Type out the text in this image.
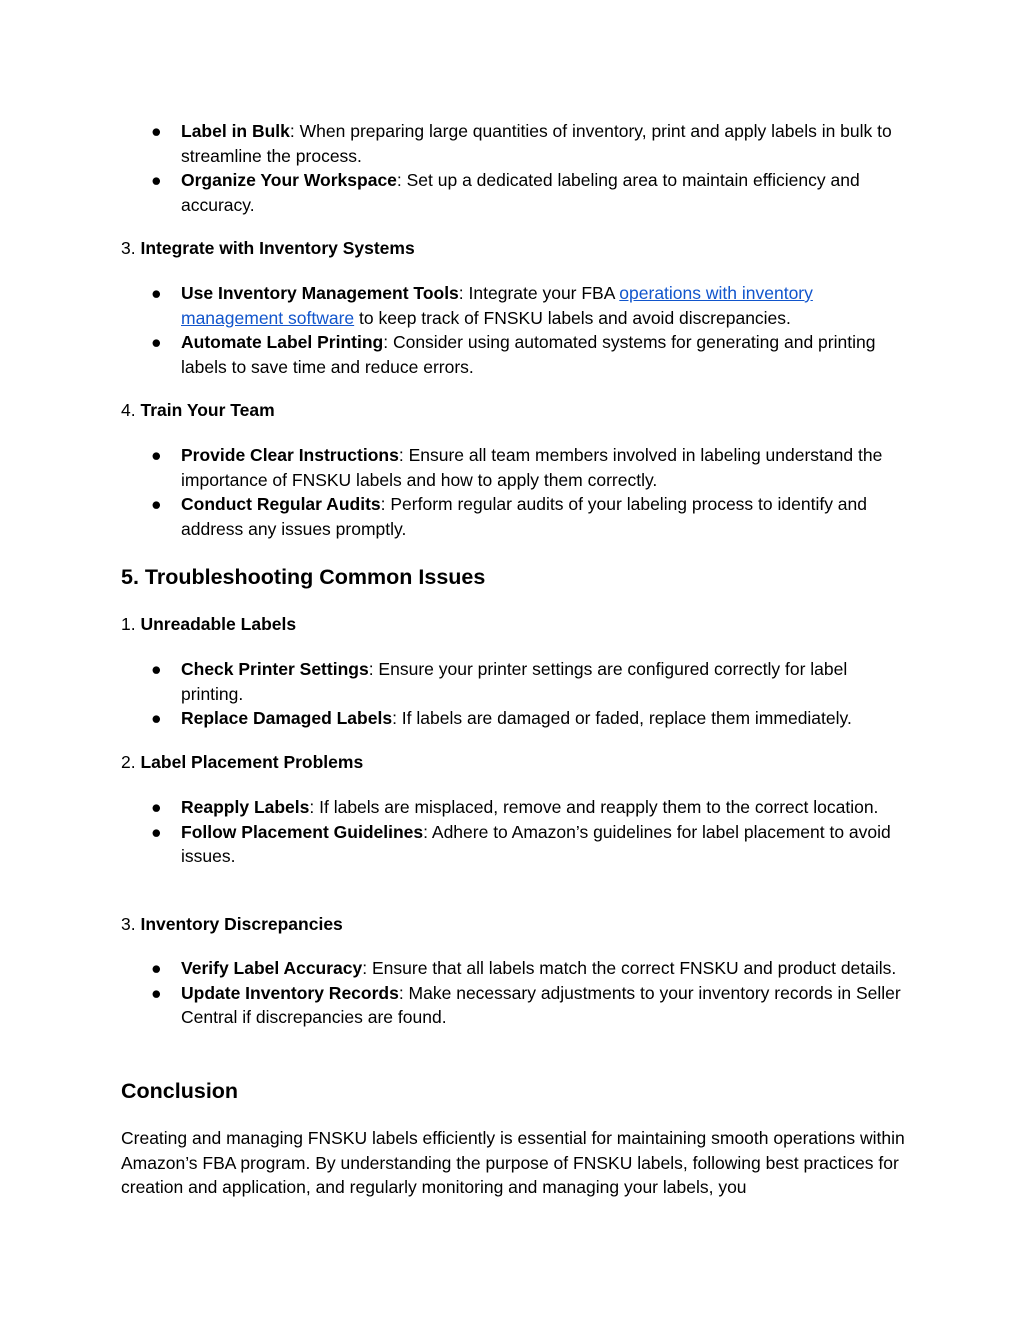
● Label in Bulk: When preparing large quantities of inventory, print and apply labels in bulk to streamline the process.
● Organize Your Workspace: Set up a dedicated labeling area to maintain efficiency and accuracy.
3. Integrate with Inventory Systems
● Use Inventory Management Tools: Integrate your FBA operations with inventory management software to keep track of FNSKU labels and avoid discrepancies.
● Automate Label Printing: Consider using automated systems for generating and printing labels to save time and reduce errors.
4. Train Your Team
● Provide Clear Instructions: Ensure all team members involved in labeling understand the importance of FNSKU labels and how to apply them correctly.
● Conduct Regular Audits: Perform regular audits of your labeling process to identify and address any issues promptly.
5. Troubleshooting Common Issues
1. Unreadable Labels
● Check Printer Settings: Ensure your printer settings are configured correctly for label printing.
● Replace Damaged Labels: If labels are damaged or faded, replace them immediately.
2. Label Placement Problems
● Reapply Labels: If labels are misplaced, remove and reapply them to the correct location.
● Follow Placement Guidelines: Adhere to Amazon’s guidelines for label placement to avoid issues.
3. Inventory Discrepancies
● Verify Label Accuracy: Ensure that all labels match the correct FNSKU and product details.
● Update Inventory Records: Make necessary adjustments to your inventory records in Seller Central if discrepancies are found.
Conclusion
Creating and managing FNSKU labels efficiently is essential for maintaining smooth operations within Amazon’s FBA program. By understanding the purpose of FNSKU labels, following best practices for creation and application, and regularly monitoring and managing your labels, you
